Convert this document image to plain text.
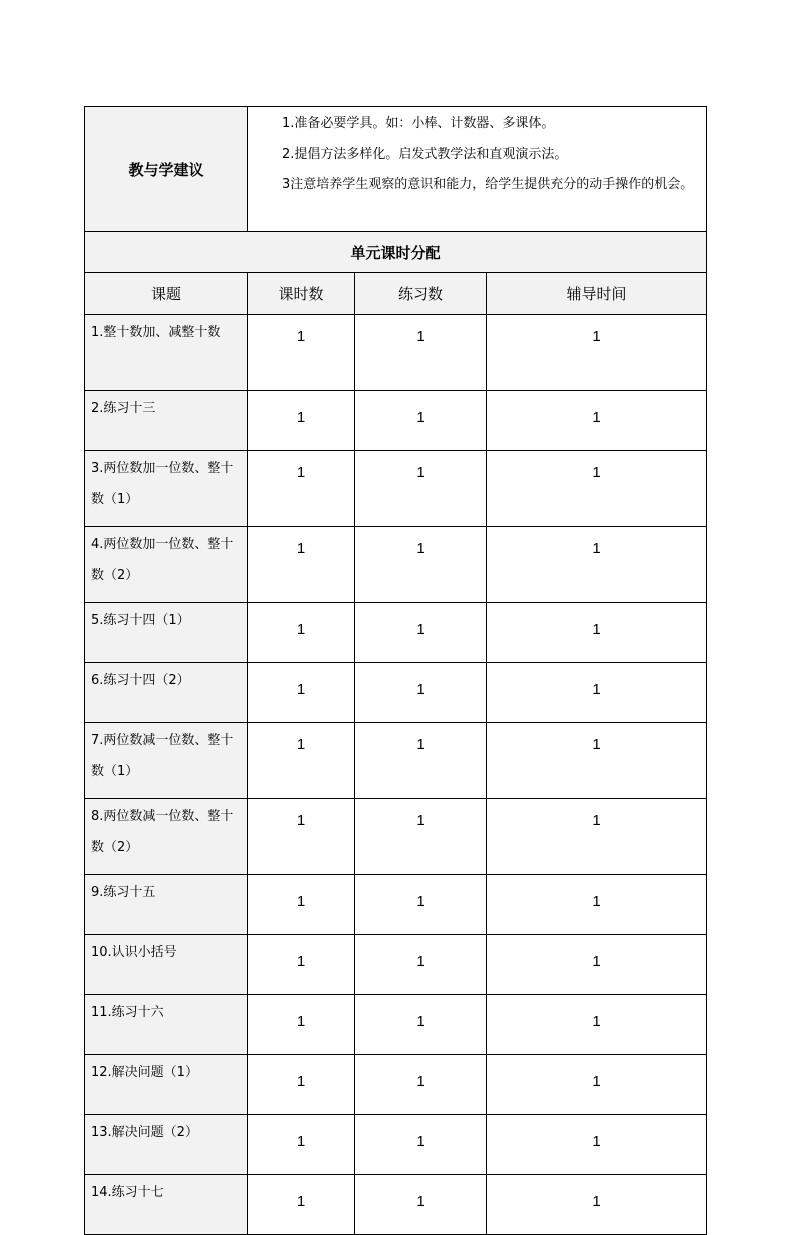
教与学建议	1.准备必要学具。如：小棒、计数器、多课体。

2.提倡方法多样化。启发式教学法和直观演示法。

3注意培养学生观察的意识和能力，给学生提供充分的动手操作的机会。		

单元课时分配			
课题	课时数	练习数	辅导时间
1.整十数加、减整十数	1	1	1
2.练习十三	1	1	1
3.两位数加一位数、整十数（1）	1	1	1
4.两位数加一位数、整十数（2）	1	1	1
5.练习十四（1）	1	1	1
6.练习十四（2）	1	1	1
7.两位数减一位数、整十数（1）	1	1	1
8.两位数减一位数、整十数（2）	1	1	1
9.练习十五	1	1	1
10.认识小括号	1	1	1
11.练习十六	1	1	1
12.解决问题（1）	1	1	1
13.解决问题（2）	1	1	1
14.练习十七	1	1	1
